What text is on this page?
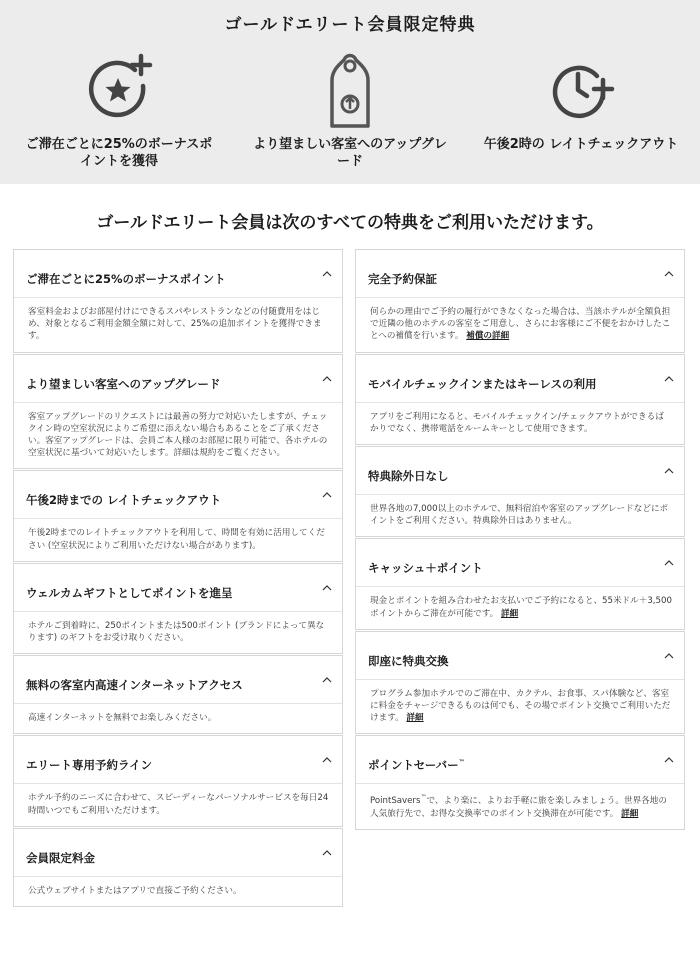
ゴールドエリート会員限定特典
ご滞在ごとに25%のボーナスポイントを獲得
より望ましい客室へのアップグレード
午後2時の レイトチェックアウト
ゴールドエリート会員は次のすべての特典をご利用いただけます。
ご滞在ごとに25%のボーナスポイント
客室料金およびお部屋付けにできるスパやレストランなどの付随費用をはじめ、対象となるご利用金額全額に対して、25%の追加ポイントを獲得できます。
より望ましい客室へのアップグレード
客室アップグレードのリクエストには最善の努力で対応いたしますが、チェックイン時の空室状況によりご希望に添えない場合もあることをご了承ください。客室アップグレードは、会員ご本人様のお部屋に限り可能で、各ホテルの空室状況に基づいて対応いたします。詳細は規約をご覧ください。
午後2時までの レイトチェックアウト
午後2時までのレイトチェックアウトを利用して、時間を有効に活用してください (空室状況によりご利用いただけない場合があります)。
ウェルカムギフトとしてポイントを進呈
ホテルご到着時に、250ポイントまたは500ポイント (ブランドによって異なります) のギフトをお受け取りください。
無料の客室内高速インターネットアクセス
高速インターネットを無料でお楽しみください。
エリート専用予約ライン
ホテル予約のニーズに合わせて、スピーディーなパーソナルサービスを毎日24時間いつでもご利用いただけます。
会員限定料金
公式ウェブサイトまたはアプリで直接ご予約ください。
完全予約保証
何らかの理由でご予約の履行ができなくなった場合は、当該ホテルが全額負担で近隣の他のホテルの客室をご用意し、さらにお客様にご不便をおかけしたことへの補償を行います。 補償の詳細
モバイルチェックインまたはキーレスの利用
アプリをご利用になると、モバイルチェックイン/チェックアウトができるばかりでなく、携帯電話をルームキーとして使用できます。
特典除外日なし
世界各地の7,000以上のホテルで、無料宿泊や客室のアップグレードなどにポイントをご利用ください。特典除外日はありません。
キャッシュ＋ポイント
現金とポイントを組み合わせたお支払いでご予約になると、55米ドル＋3,500ポイントからご滞在が可能です。 詳細
即座に特典交換
プログラム参加ホテルでのご滞在中、カクテル、お食事、スパ体験など、客室に料金をチャージできるものは何でも、その場でポイント交換でご利用いただけます。 詳細
ポイントセーバー™
PointSavers™で、より楽に、よりお手軽に旅を楽しみましょう。世界各地の人気旅行先で、お得な交換率でのポイント交換滞在が可能です。 詳細
